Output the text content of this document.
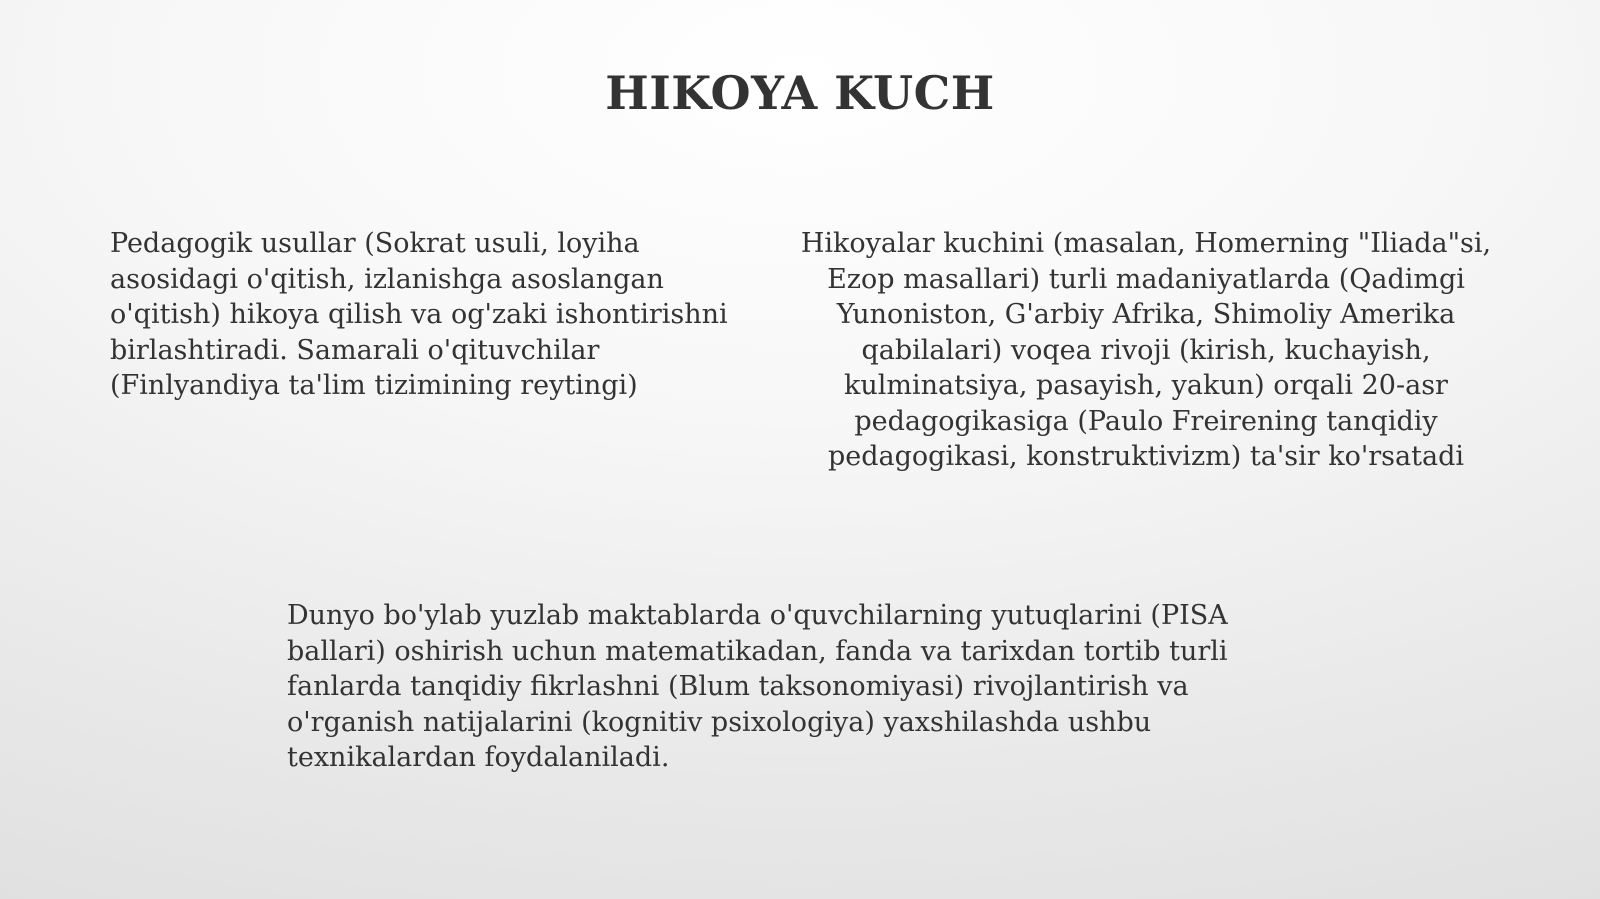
HIKOYA KUCH

Pedagogik usullar (Sokrat usuli, loyiha asosidagi o'qitish, izlanishga asoslangan o'qitish) hikoya qilish va og'zaki ishontirishni birlashtiradi. Samarali o'qituvchilar (Finlyandiya ta'lim tizimining reytingi)

Hikoyalar kuchini (masalan, Homerning "Iliada"si, Ezop masallari) turli madaniyatlarda (Qadimgi Yunoniston, G'arbiy Afrika, Shimoliy Amerika qabilalari) voqea rivoji (kirish, kuchayish, kulminatsiya, pasayish, yakun) orqali 20-asr pedagogikasiga (Paulo Freirening tanqidiy pedagogikasi, konstruktivizm) ta'sir ko'rsatadi

Dunyo bo'ylab yuzlab maktablarda o'quvchilarning yutuqlarini (PISA ballari) oshirish uchun matematikadan, fanda va tarixdan tortib turli fanlarda tanqidiy fikrlashni (Blum taksonomiyasi) rivojlantirish va o'rganish natijalarini (kognitiv psixologiya) yaxshilashda ushbu texnikalardan foydalaniladi.
